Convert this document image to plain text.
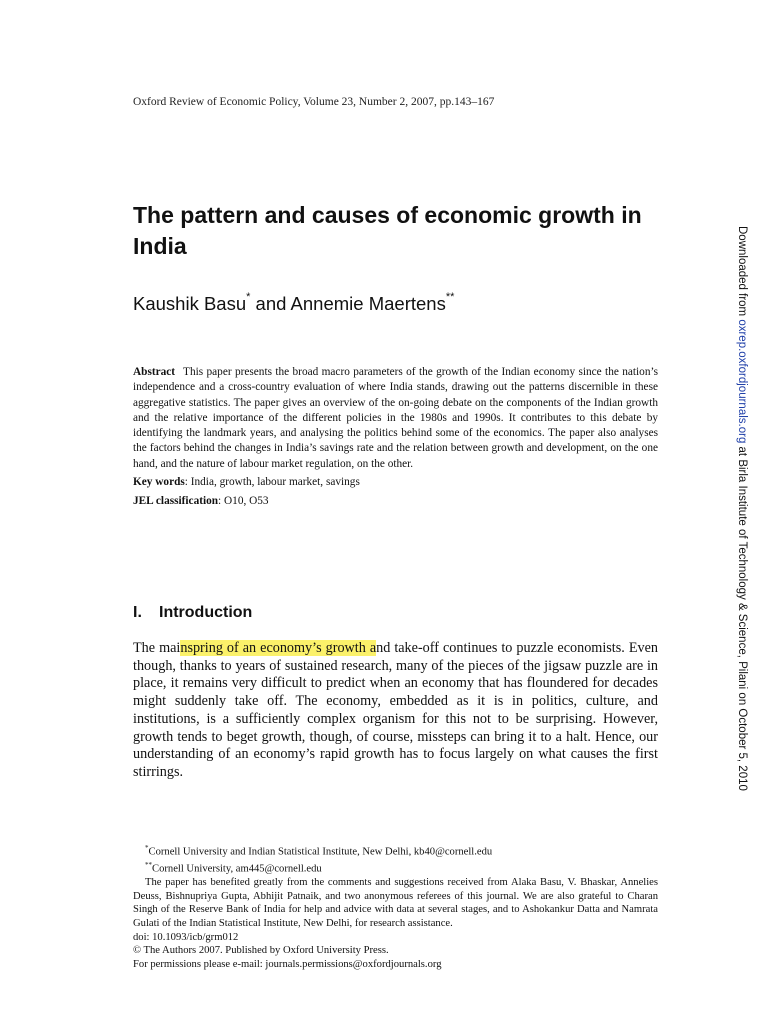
Oxford Review of Economic Policy, Volume 23, Number 2, 2007, pp.143–167
The pattern and causes of economic growth in India
Kaushik Basu* and Annemie Maertens**
Abstract This paper presents the broad macro parameters of the growth of the Indian economy since the nation’s independence and a cross-country evaluation of where India stands, drawing out the patterns discernible in these aggregative statistics. The paper gives an overview of the on-going debate on the components of the Indian growth and the relative importance of the different policies in the 1980s and 1990s. It contributes to this debate by identifying the landmark years, and analysing the politics behind some of the economics. The paper also analyses the factors behind the changes in India’s savings rate and the relation between growth and development, on the one hand, and the nature of labour market regulation, on the other.
Key words: India, growth, labour market, savings
JEL classification: O10, O53
I. Introduction
The mainspring of an economy’s growth and take-off continues to puzzle economists. Even though, thanks to years of sustained research, many of the pieces of the jigsaw puzzle are in place, it remains very difficult to predict when an economy that has floundered for decades might suddenly take off. The economy, embedded as it is in politics, culture, and institutions, is a sufficiently complex organism for this not to be surprising. However, growth tends to beget growth, though, of course, missteps can bring it to a halt. Hence, our understanding of an economy’s rapid growth has to focus largely on what causes the first stirrings.
*Cornell University and Indian Statistical Institute, New Delhi, kb40@cornell.edu
**Cornell University, am445@cornell.edu
The paper has benefited greatly from the comments and suggestions received from Alaka Basu, V. Bhaskar, Annelies Deuss, Bishnupriya Gupta, Abhijit Patnaik, and two anonymous referees of this journal. We are also grateful to Charan Singh of the Reserve Bank of India for help and advice with data at several stages, and to Ashokankur Datta and Namrata Gulati of the Indian Statistical Institute, New Delhi, for research assistance.
doi: 10.1093/icb/grm012
© The Authors 2007. Published by Oxford University Press.
For permissions please e-mail: journals.permissions@oxfordjournals.org
Downloaded from oxrep.oxfordjournals.org at Birla Institute of Technology & Science, Pilani on October 5, 2010
